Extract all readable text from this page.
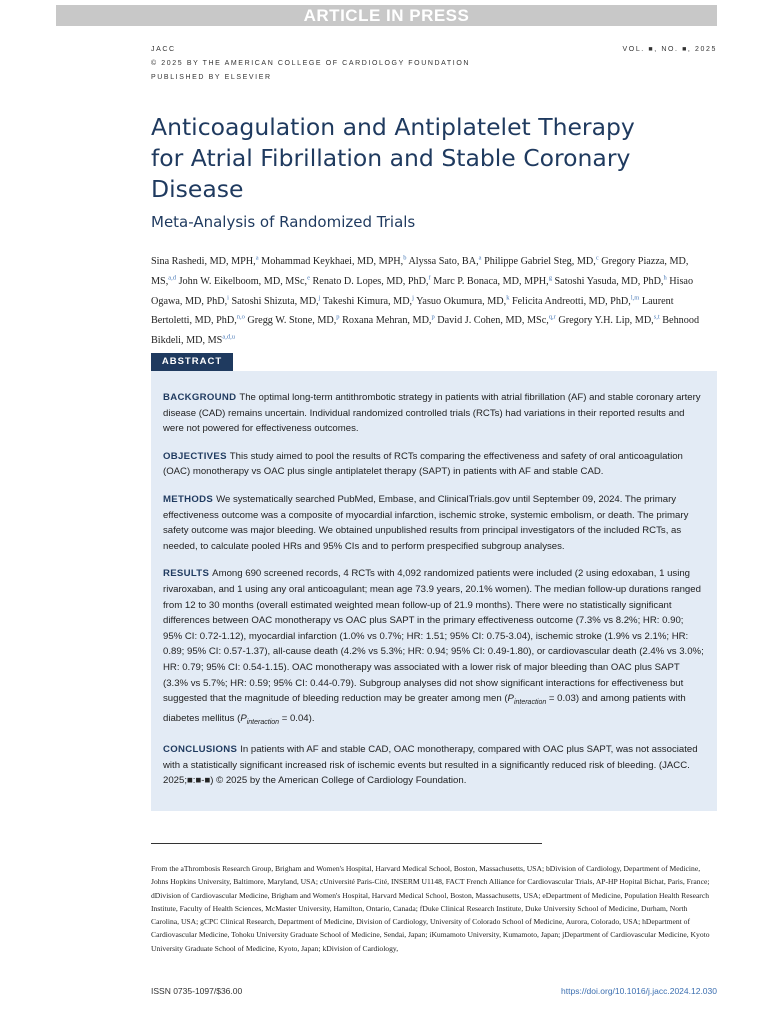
ARTICLE IN PRESS
JACC
© 2025 BY THE AMERICAN COLLEGE OF CARDIOLOGY FOUNDATION
PUBLISHED BY ELSEVIER
VOL. ■, NO. ■, 2025
Anticoagulation and Antiplatelet Therapy for Atrial Fibrillation and Stable Coronary Disease
Meta-Analysis of Randomized Trials
Sina Rashedi, MD, MPH,$^a$ Mohammad Keykhaei, MD, MPH,$^b$ Alyssa Sato, BA,$^a$ Philippe Gabriel Steg, MD,$^c$ Gregory Piazza, MD, MS,$^{a,d}$ John W. Eikelboom, MD, MSc,$^e$ Renato D. Lopes, MD, PhD,$^f$ Marc P. Bonaca, MD, MPH,$^g$ Satoshi Yasuda, MD, PhD,$^h$ Hisao Ogawa, MD, PhD,$^i$ Satoshi Shizuta, MD,$^j$ Takeshi Kimura, MD,$^j$ Yasuo Okumura, MD,$^k$ Felicita Andreotti, MD, PhD,$^{l,m}$ Laurent Bertoletti, MD, PhD,$^{n,o}$ Gregg W. Stone, MD,$^p$ Roxana Mehran, MD,$^p$ David J. Cohen, MD, MSc,$^{q,r}$ Gregory Y.H. Lip, MD,$^{s,t}$ Behnood Bikdeli, MD, MS$^{a,d,u}$
ABSTRACT

BACKGROUND The optimal long-term antithrombotic strategy in patients with atrial fibrillation (AF) and stable coronary artery disease (CAD) remains uncertain. Individual randomized controlled trials (RCTs) had variations in their reported results and were not powered for effectiveness outcomes.

OBJECTIVES This study aimed to pool the results of RCTs comparing the effectiveness and safety of oral anticoagulation (OAC) monotherapy vs OAC plus single antiplatelet therapy (SAPT) in patients with AF and stable CAD.

METHODS We systematically searched PubMed, Embase, and ClinicalTrials.gov until September 09, 2024. The primary effectiveness outcome was a composite of myocardial infarction, ischemic stroke, systemic embolism, or death. The primary safety outcome was major bleeding. We obtained unpublished results from principal investigators of the included RCTs, as needed, to calculate pooled HRs and 95% CIs and to perform prespecified subgroup analyses.

RESULTS Among 690 screened records, 4 RCTs with 4,092 randomized patients were included (2 using edoxaban, 1 using rivaroxaban, and 1 using any oral anticoagulant; mean age 73.9 years, 20.1% women). The median follow-up durations ranged from 12 to 30 months (overall estimated weighted mean follow-up of 21.9 months). There were no statistically significant differences between OAC monotherapy vs OAC plus SAPT in the primary effectiveness outcome (7.3% vs 8.2%; HR: 0.90; 95% CI: 0.72-1.12), myocardial infarction (1.0% vs 0.7%; HR: 1.51; 95% CI: 0.75-3.04), ischemic stroke (1.9% vs 2.1%; HR: 0.89; 95% CI: 0.57-1.37), all-cause death (4.2% vs 5.3%; HR: 0.94; 95% CI: 0.49-1.80), or cardiovascular death (2.4% vs 3.0%; HR: 0.79; 95% CI: 0.54-1.15). OAC monotherapy was associated with a lower risk of major bleeding than OAC plus SAPT (3.3% vs 5.7%; HR: 0.59; 95% CI: 0.44-0.79). Subgroup analyses did not show significant interactions for effectiveness but suggested that the magnitude of bleeding reduction may be greater among men $(P_{interaction} = 0.03)$ and among patients with diabetes mellitus $(P_{interaction} = 0.04)$.

CONCLUSIONS In patients with AF and stable CAD, OAC monotherapy, compared with OAC plus SAPT, was not associated with a statistically significant increased risk of ischemic events but resulted in a significantly reduced risk of bleeding. (JACC. 2025;■:■-■) © 2025 by the American College of Cardiology Foundation.

From the aThrombosis Research Group, Brigham and Women's Hospital, Harvard Medical School, Boston, Massachusetts, USA; bDivision of Cardiology, Department of Medicine, Johns Hopkins University, Baltimore, Maryland, USA; cUniversité Paris-Cité, INSERM U1148, FACT French Alliance for Cardiovascular Trials, AP-HP Hopital Bichat, Paris, France; dDivision of Cardiovascular Medicine, Brigham and Women's Hospital, Harvard Medical School, Boston, Massachusetts, USA; eDepartment of Medicine, Population Health Research Institute, Faculty of Health Sciences, McMaster University, Hamilton, Ontario, Canada; fDuke Clinical Research Institute, Duke University School of Medicine, Durham, North Carolina, USA; gCPC Clinical Research, Department of Medicine, Division of Cardiology, University of Colorado School of Medicine, Aurora, Colorado, USA; hDepartment of Cardiovascular Medicine, Tohoku University Graduate School of Medicine, Sendai, Japan; iKumamoto University, Kumamoto, Japan; jDepartment of Cardiovascular Medicine, Kyoto University Graduate School of Medicine, Kyoto, Japan; kDivision of Cardiology,
ISSN 0735-1097/$36.00	https://doi.org/10.1016/j.jacc.2024.12.030
